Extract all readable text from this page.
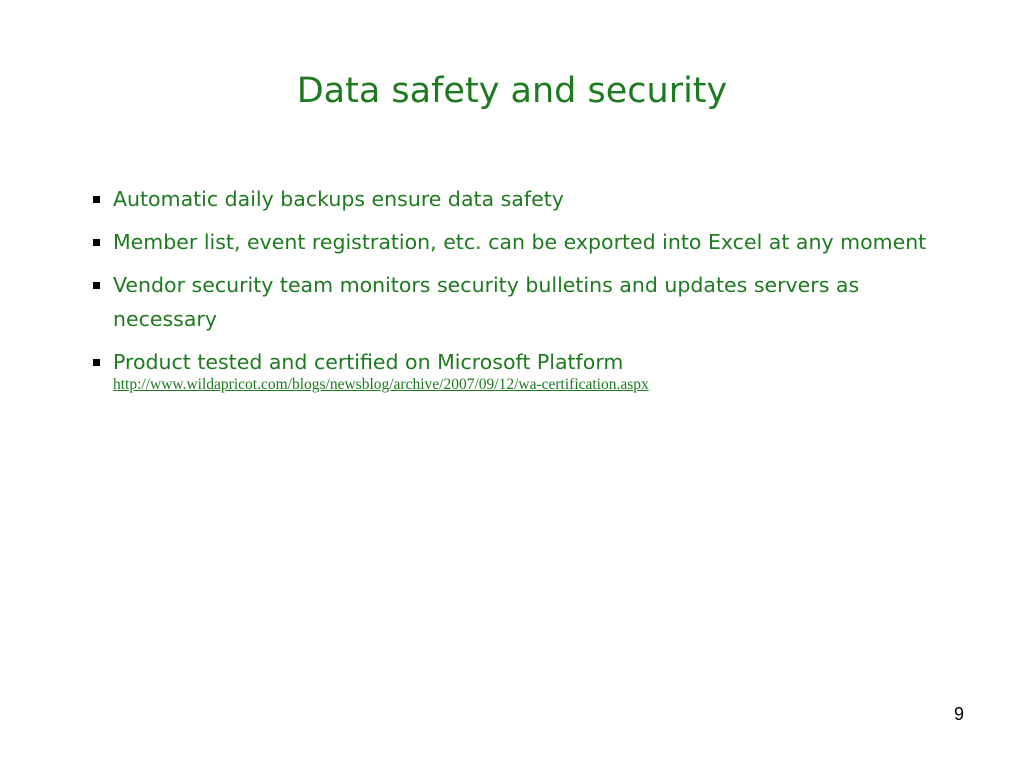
Data safety and security
Automatic daily backups ensure data safety
Member list, event registration, etc. can be exported into Excel at any moment
Vendor security team monitors security bulletins and updates servers as necessary
Product tested and certified on Microsoft Platform
http://www.wildapricot.com/blogs/newsblog/archive/2007/09/12/wa-certification.aspx
9
